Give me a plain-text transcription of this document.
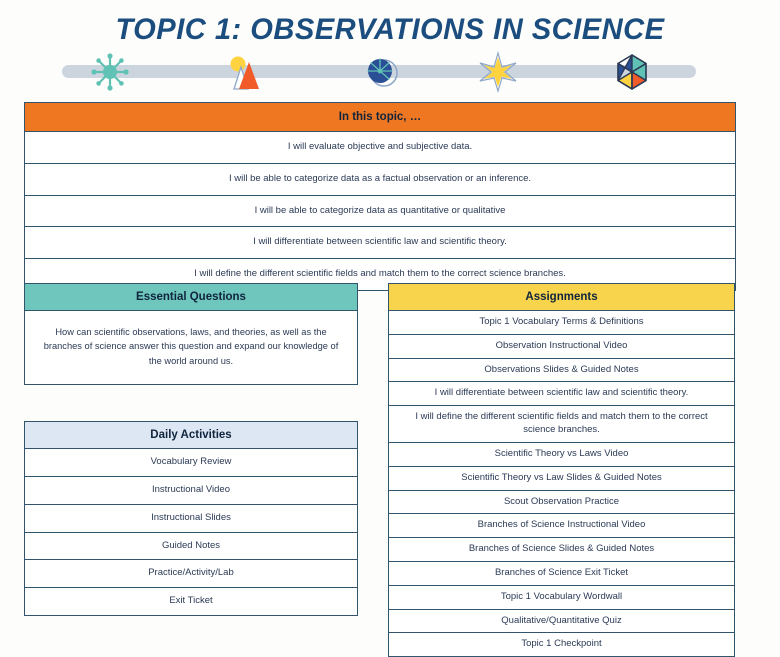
TOPIC 1: OBSERVATIONS IN SCIENCE
In this topic, …
I will evaluate objective and subjective data.
I will be able to categorize data as a factual observation or an inference.
I will be able to categorize data as quantitative or qualitative
I will differentiate between scientific law and scientific theory.
I will define the different scientific fields and match them to the correct science branches.
Essential Questions
How can scientific observations, laws, and theories, as well as the branches of science answer this question and expand our knowledge of the world around us.
Daily Activities
Vocabulary Review
Instructional Video
Instructional Slides
Guided Notes
Practice/Activity/Lab
Exit Ticket
Assignments
Topic 1 Vocabulary Terms & Definitions
Observation Instructional Video
Observations Slides & Guided Notes
I will differentiate between scientific law and scientific theory.
I will define the different scientific fields and match them to the correct science branches.
Scientific Theory vs Laws Video
Scientific Theory vs Law Slides & Guided Notes
Scout Observation Practice
Branches of Science Instructional Video
Branches of Science Slides & Guided Notes
Branches of Science Exit Ticket
Topic 1 Vocabulary Wordwall
Qualitative/Quantitative Quiz
Topic 1 Checkpoint
